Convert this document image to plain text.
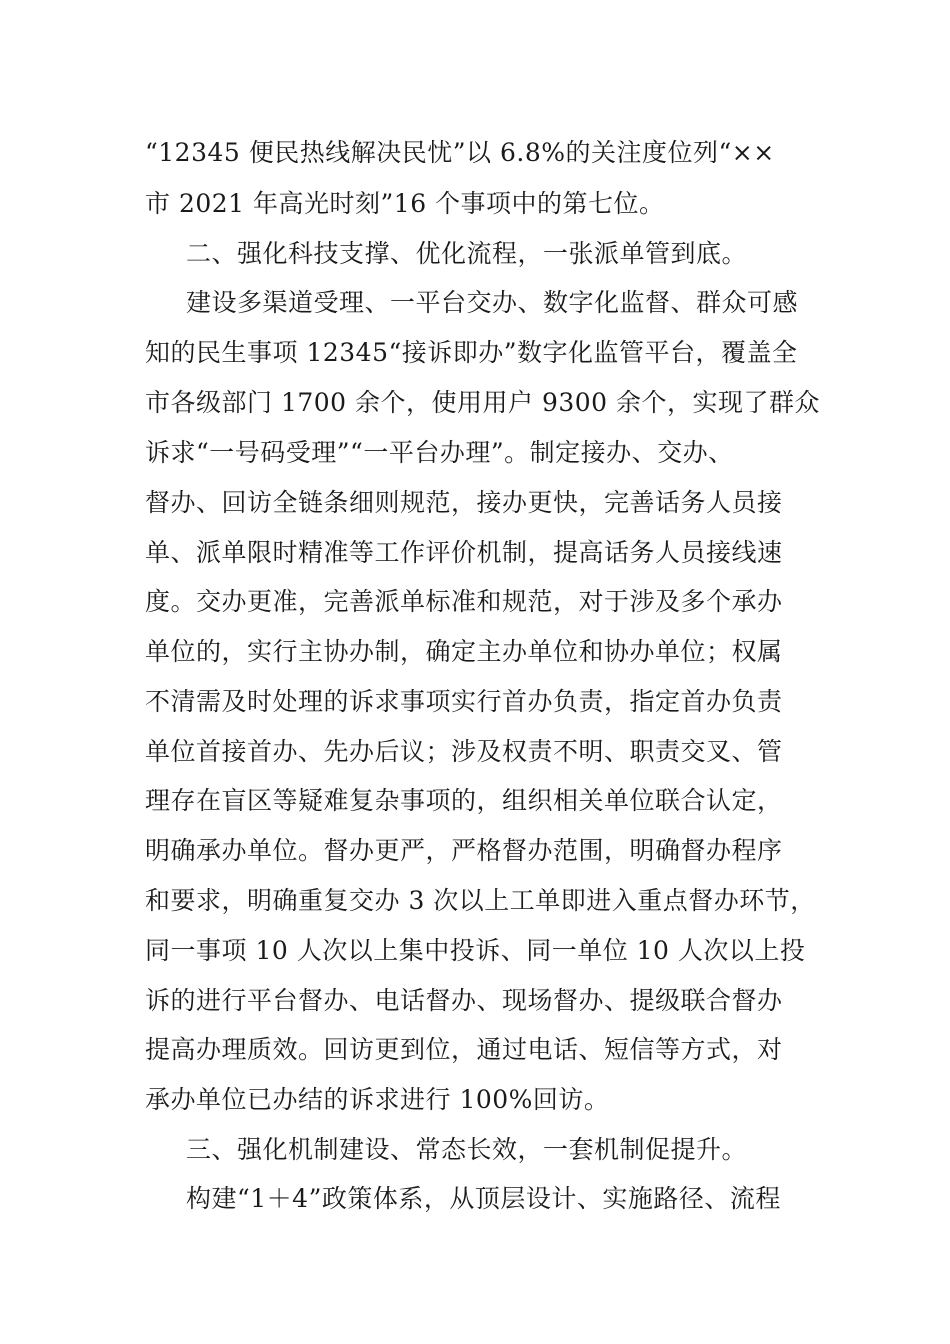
“12345 便民热线解决民忧”以 6.8%的关注度位列“××
市 2021 年高光时刻”16 个事项中的第七位。
二、强化科技支撑、优化流程，一张派单管到底。
建设多渠道受理、一平台交办、数字化监督、群众可感
知的民生事项 12345“接诉即办”数字化监管平台，覆盖全
市各级部门 1700 余个，使用用户 9300 余个，实现了群众
诉求“一号码受理”“一平台办理”。制定接办、交办、
督办、回访全链条细则规范，接办更快，完善话务人员接
单、派单限时精准等工作评价机制，提高话务人员接线速
度。交办更准，完善派单标准和规范，对于涉及多个承办
单位的，实行主协办制，确定主办单位和协办单位；权属
不清需及时处理的诉求事项实行首办负责，指定首办负责
单位首接首办、先办后议；涉及权责不明、职责交叉、管
理存在盲区等疑难复杂事项的，组织相关单位联合认定，
明确承办单位。督办更严，严格督办范围，明确督办程序
和要求，明确重复交办 3 次以上工单即进入重点督办环节，
同一事项 10 人次以上集中投诉、同一单位 10 人次以上投
诉的进行平台督办、电话督办、现场督办、提级联合督办
提高办理质效。回访更到位，通过电话、短信等方式，对
承办单位已办结的诉求进行 100%回访。
三、强化机制建设、常态长效，一套机制促提升。
构建“1＋4”政策体系，从顶层设计、实施路径、流程
